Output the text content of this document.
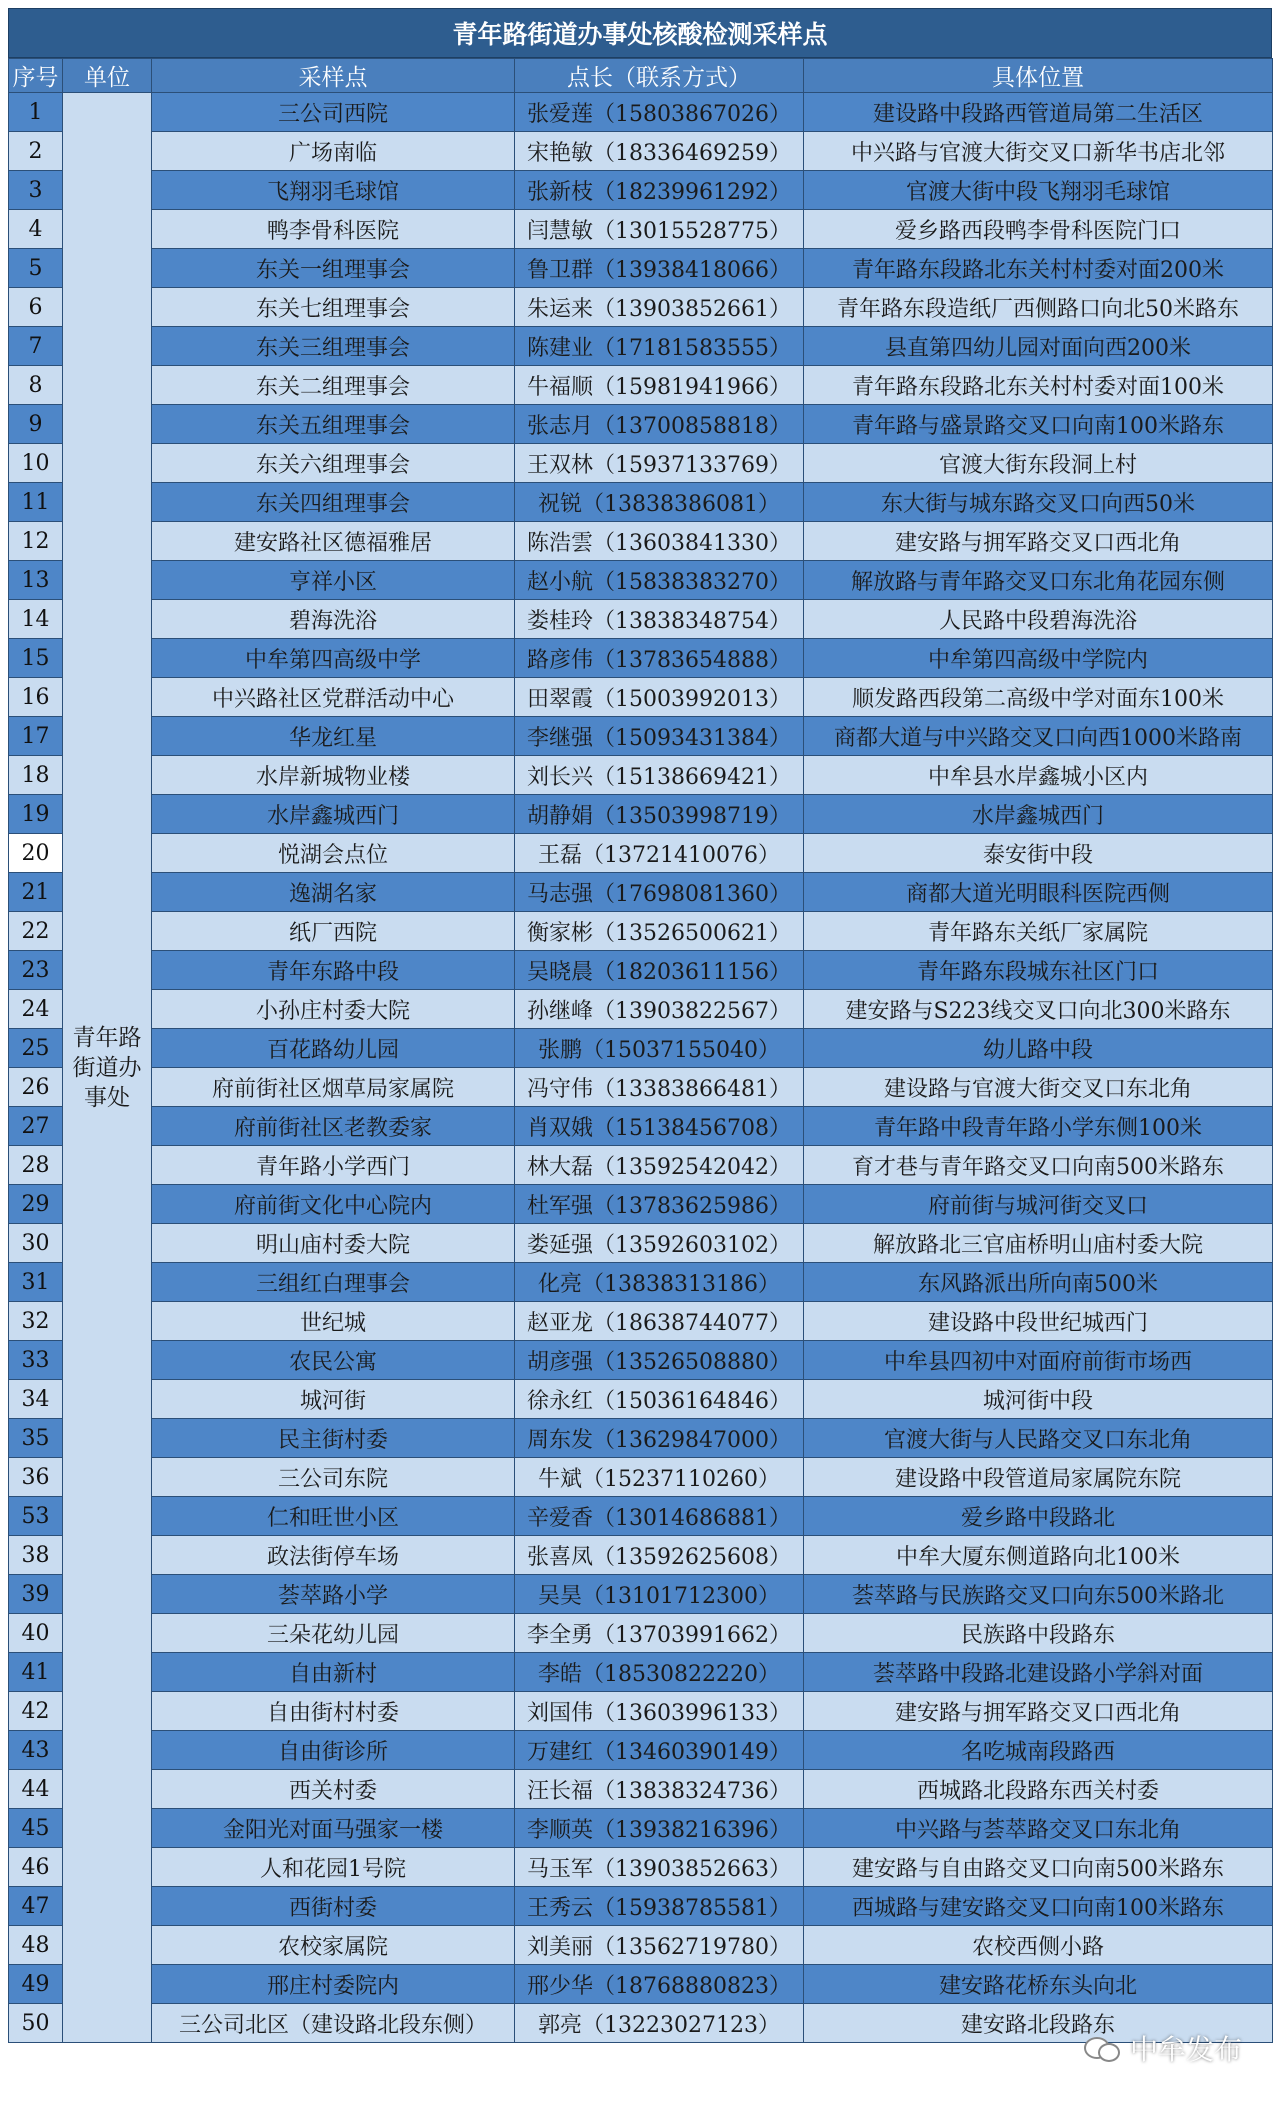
青年路街道办事处核酸检测采样点
序号	单位	采样点	点长（联系方式）	具体位置
1	青年路街道办事处	三公司西院	张爱莲（15803867026）	建设路中段路西管道局第二生活区
2		广场南临	宋艳敏（18336469259）	中兴路与官渡大街交叉口新华书店北邻
3		飞翔羽毛球馆	张新枝（18239961292）	官渡大街中段飞翔羽毛球馆
4		鸭李骨科医院	闫慧敏（13015528775）	爱乡路西段鸭李骨科医院门口
5		东关一组理事会	鲁卫群（13938418066）	青年路东段路北东关村村委对面200米
6		东关七组理事会	朱运来（13903852661）	青年路东段造纸厂西侧路口向北50米路东
7		东关三组理事会	陈建业（17181583555）	县直第四幼儿园对面向西200米
8		东关二组理事会	牛福顺（15981941966）	青年路东段路北东关村村委对面100米
9		东关五组理事会	张志月（13700858818）	青年路与盛景路交叉口向南100米路东
10		东关六组理事会	王双林（15937133769）	官渡大街东段洞上村
11		东关四组理事会	祝锐（13838386081）	东大街与城东路交叉口向西50米
12		建安路社区德福雅居	陈浩雲（13603841330）	建安路与拥军路交叉口西北角
13		亨祥小区	赵小航（15838383270）	解放路与青年路交叉口东北角花园东侧
14		碧海洗浴	娄桂玲（13838348754）	人民路中段碧海洗浴
15		中牟第四高级中学	路彦伟（13783654888）	中牟第四高级中学院内
16		中兴路社区党群活动中心	田翠霞（15003992013）	顺发路西段第二高级中学对面东100米
17		华龙红星	李继强（15093431384）	商都大道与中兴路交叉口向西1000米路南
18		水岸新城物业楼	刘长兴（15138669421）	中牟县水岸鑫城小区内
19		水岸鑫城西门	胡静娟（13503998719）	水岸鑫城西门
20		悦湖会点位	王磊（13721410076）	泰安街中段
21		逸湖名家	马志强（17698081360）	商都大道光明眼科医院西侧
22		纸厂西院	衡家彬（13526500621）	青年路东关纸厂家属院
23		青年东路中段	吴晓晨（18203611156）	青年路东段城东社区门口
24		小孙庄村委大院	孙继峰（13903822567）	建安路与S223线交叉口向北300米路东
25		百花路幼儿园	张鹏（15037155040）	幼儿路中段
26		府前街社区烟草局家属院	冯守伟（13383866481）	建设路与官渡大街交叉口东北角
27		府前街社区老教委家	肖双娥（15138456708）	青年路中段青年路小学东侧100米
28		青年路小学西门	林大磊（13592542042）	育才巷与青年路交叉口向南500米路东
29		府前街文化中心院内	杜军强（13783625986）	府前街与城河街交叉口
30		明山庙村委大院	娄延强（13592603102）	解放路北三官庙桥明山庙村委大院
31		三组红白理事会	化亮（13838313186）	东风路派出所向南500米
32		世纪城	赵亚龙（18638744077）	建设路中段世纪城西门
33		农民公寓	胡彦强（13526508880）	中牟县四初中对面府前街市场西
34		城河街	徐永红（15036164846）	城河街中段
35		民主街村委	周东发（13629847000）	官渡大街与人民路交叉口东北角
36		三公司东院	牛斌（15237110260）	建设路中段管道局家属院东院
53		仁和旺世小区	辛爱香（13014686881）	爱乡路中段路北
38		政法街停车场	张喜凤（13592625608）	中牟大厦东侧道路向北100米
39		荟萃路小学	吴昊（13101712300）	荟萃路与民族路交叉口向东500米路北
40		三朵花幼儿园	李全勇（13703991662）	民族路中段路东
41		自由新村	李皓（18530822220）	荟萃路中段路北建设路小学斜对面
42		自由街村村委	刘国伟（13603996133）	建安路与拥军路交叉口西北角
43		自由街诊所	万建红（13460390149）	名吃城南段路西
44		西关村委	汪长福（13838324736）	西城路北段路东西关村委
45		金阳光对面马强家一楼	李顺英（13938216396）	中兴路与荟萃路交叉口东北角
46		人和花园1号院	马玉军（13903852663）	建安路与自由路交叉口向南500米路东
47		西街村委	王秀云（15938785581）	西城路与建安路交叉口向南100米路东
48		农校家属院	刘美丽（13562719780）	农校西侧小路
49		邢庄村委院内	邢少华（18768880823）	建安路花桥东头向北
50		三公司北区（建设路北段东侧）	郭亮（13223027123）	建安路北段路东
中牟发布
